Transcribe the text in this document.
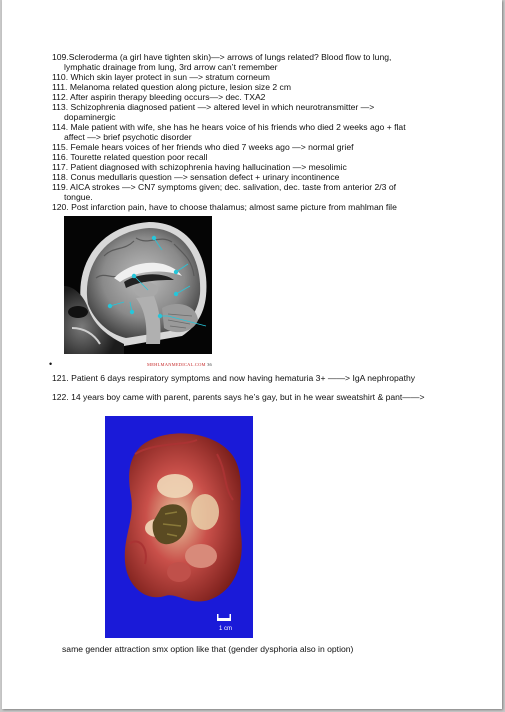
109.Scleroderma (a girl have tighten skin)—> arrows of lungs related? Blood flow to lung,
lymphatic drainage from lung, 3rd arrow can’t remember
110. Which skin layer protect in sun —> stratum corneum
111. Melanoma related question along picture, lesion size 2 cm
112. After aspirin therapy bleeding occurs—> dec. TXA2
113. Schizophrenia diagnosed patient —> altered level in which neurotransmitter —>
dopaminergic
114. Male patient with wife, she has he hears voice of his friends who died 2 weeks ago + flat
affect —> brief psychotic disorder
115. Female hears voices of her friends who died 7 weeks ago —> normal grief
116. Tourette related question poor recall
117. Patient diagnosed with schizophrenia having hallucination —> mesolimic
118. Conus medullaris question —> sensation defect + urinary incontinence
119. AICA strokes —> CN7 symptoms given; dec. salivation, dec. taste from anterior 2/3 of
tongue.
120. Post infarction pain, have to choose thalamus; almost same picture from mahlman file
•	MEHLMANMEDICAL.COM 36
121. Patient 6 days respiratory symptoms and now having hematuria 3+ ——> IgA nephropathy
122. 14 years boy came with parent, parents says he’s gay, but in he wear sweatshirt & pant——>
1 cm
same gender attraction smx option like that (gender dysphoria also in option)
